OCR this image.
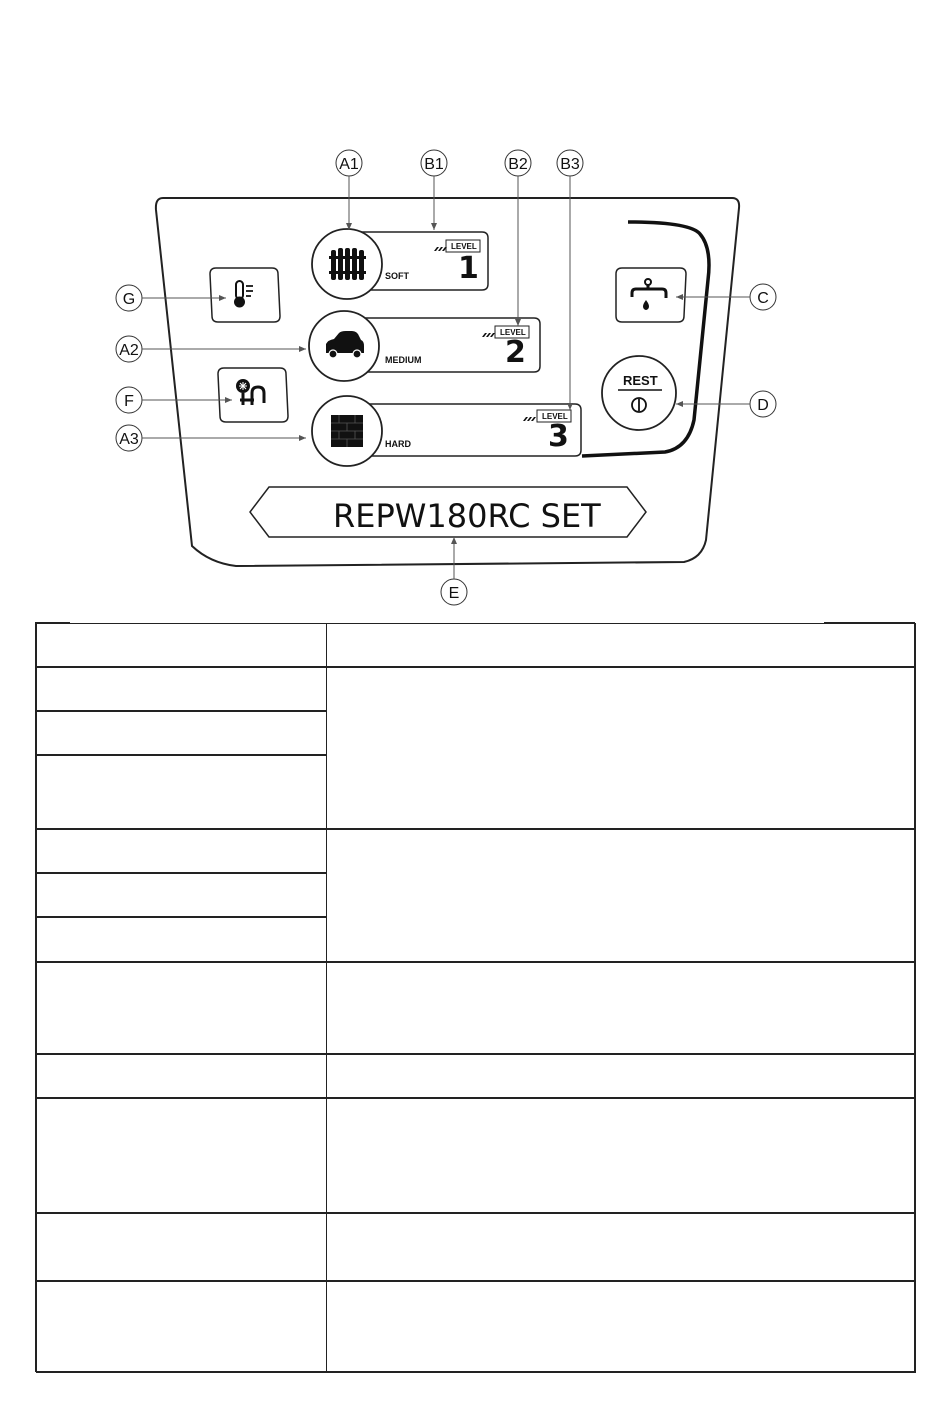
LEVEL
1
SOFT
LEVEL
2
MEDIUM
LEVEL
3
HARD
REST
REPW180RC SET
A1	B1	B2 B3
G
A2
F
A3
C
D
E
